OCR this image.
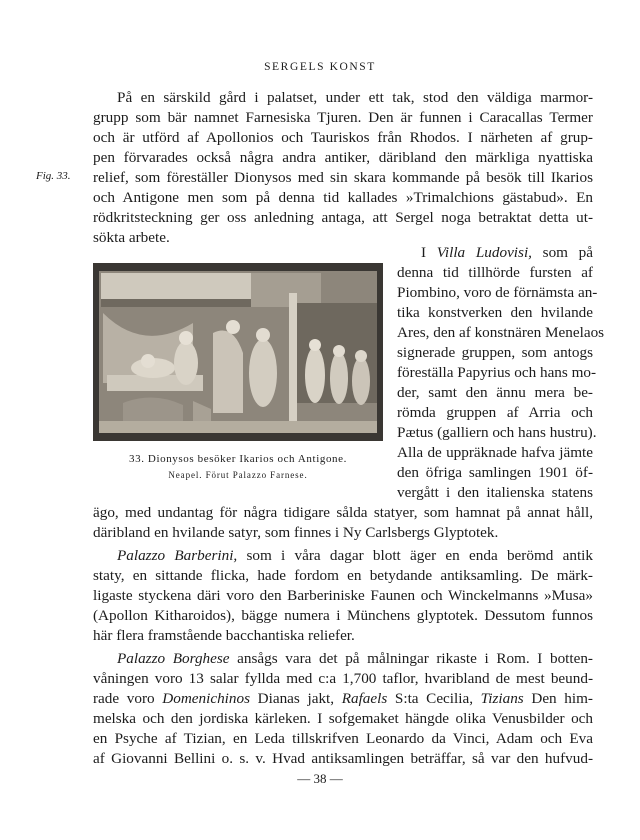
SERGELS KONST
Fig. 33.
På en särskild gård i palatset, under ett tak, stod den väldiga marmor-
grupp som bär namnet Farnesiska Tjuren. Den är funnen i Caracallas Termer
och är utförd af Apollonios och Tauriskos från Rhodos. I närheten af grup-
pen förvarades också några andra antiker, däribland den märkliga nyattiska
relief, som föreställer Dionysos med sin skara kommande på besök till Ikarios
och Antigone men som på denna tid kallades »Trimalchions gästabud». En
rödkritsteckning ger oss anledning antaga, att Sergel noga betraktat detta ut-
sökta arbete.
33. Dionysos besöker Ikarios och Antigone.
Neapel. Förut Palazzo Farnese.
I Villa Ludovisi, som på
denna tid tillhörde fursten af
Piombino, voro de förnämsta an-
tika konstverken den hvilande
Ares, den af konstnären Menelaos
signerade gruppen, som antogs
föreställa Papyrius och hans mo-
der, samt den ännu mera be-
römda gruppen af Arria och
Pætus (galliern och hans hustru).
Alla de uppräknade hafva jämte
den öfriga samlingen 1901 öf-
vergått i den italienska statens
ägo, med undantag för några tidigare sålda statyer, som hamnat på annat håll,
däribland en hvilande satyr, som finnes i Ny Carlsbergs Glyptotek.
Palazzo Barberini, som i våra dagar blott äger en enda berömd antik
staty, en sittande flicka, hade fordom en betydande antiksamling. De märk-
ligaste styckena däri voro den Barberiniske Faunen och Winckelmanns »Musa»
(Apollon Kitharoidos), bägge numera i Münchens glyptotek. Dessutom funnos
här flera framstående bacchantiska reliefer.
Palazzo Borghese ansågs vara det på målningar rikaste i Rom. I botten-
våningen voro 13 salar fyllda med c:a 1,700 taflor, hvaribland de mest beund-
rade voro Domenichinos Dianas jakt, Rafaels S:ta Cecilia, Tizians Den him-
melska och den jordiska kärleken. I sofgemaket hängde olika Venusbilder och
en Psyche af Tizian, en Leda tillskrifven Leonardo da Vinci, Adam och Eva
af Giovanni Bellini o. s. v. Hvad antiksamlingen beträffar, så var den hufvud-
— 38 —
